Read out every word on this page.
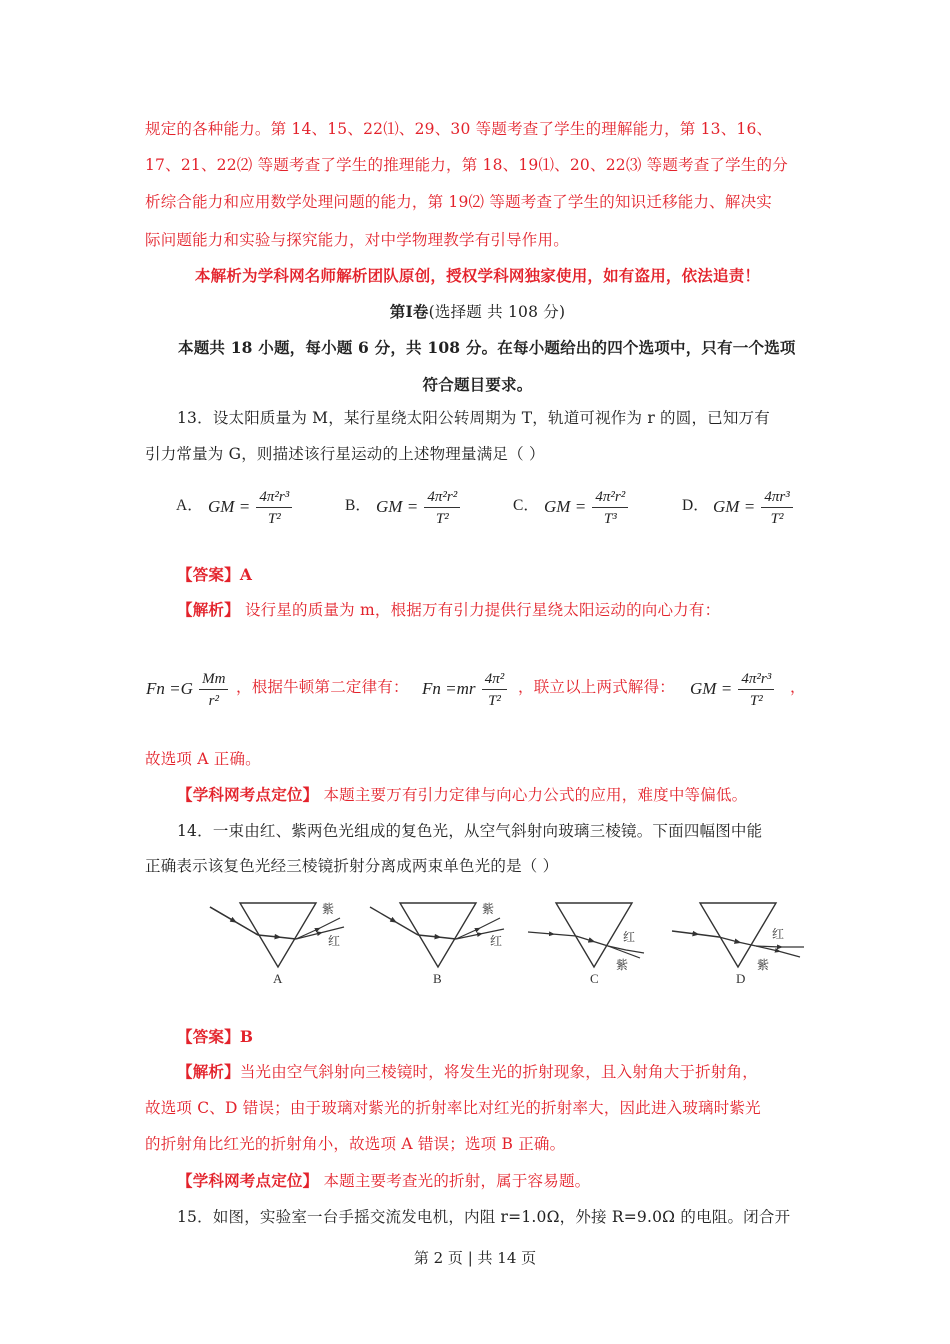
规定的各种能力。第 14、15、22⑴、29、30 等题考查了学生的理解能力，第 13、16、
17、21、22⑵ 等题考查了学生的推理能力，第 18、19⑴、20、22⑶ 等题考查了学生的分
析综合能力和应用数学处理问题的能力，第 19⑵ 等题考查了学生的知识迁移能力、解决实
际问题能力和实验与探究能力，对中学物理教学有引导作用。
本解析为学科网名师解析团队原创，授权学科网独家使用，如有盗用，依法追责！
第Ⅰ卷(选择题 共 108 分)
本题共 18 小题，每小题 6 分，共 108 分。在每小题给出的四个选项中，只有一个选项
符合题目要求。
13．设太阳质量为 M，某行星绕太阳公转周期为 T，轨道可视作为 r 的圆，已知万有
引力常量为 G，则描述该行星运动的上述物理量满足（ ）
A． GM = $\frac{\text{4π²r³}}{\text{T²}}$	B． GM = $\frac{\text{4π²r²}}{\text{T²}}$	C． GM = $\frac{\text{4π²r²}}{\text{T³}}$	D． GM = $\frac{\text{4πr³}}{\text{T²}}$
【答案】A
【解析】 设行星的质量为 m，根据万有引力提供行星绕太阳运动的向心力有：
$Fn =G \frac{Mm}{\text{r²}}$ ，根据牛顿第二定律有： $Fn =mr \frac{\text{4π²}}{\text{T²}}$ ，联立以上两式解得： GM = $\frac{\text{4π²r³}}{\text{T²}}$ ，
故选项 A 正确。
【学科网考点定位】 本题主要万有引力定律与向心力公式的应用，难度中等偏低。
14．一束由红、紫两色光组成的复色光，从空气斜射向玻璃三棱镜。下面四幅图中能
正确表示该复色光经三棱镜折射分离成两束单色光的是（ ）
紫
红
A
紫
红
B
红
紫
C
红
紫
D
【答案】B
【解析】当光由空气斜射向三棱镜时，将发生光的折射现象，且入射角大于折射角，
故选项 C、D 错误；由于玻璃对紫光的折射率比对红光的折射率大，因此进入玻璃时紫光
的折射角比红光的折射角小，故选项 A 错误；选项 B 正确。
【学科网考点定位】 本题主要考查光的折射，属于容易题。
15．如图，实验室一台手摇交流发电机，内阻 r=1.0Ω，外接 R=9.0Ω 的电阻。闭合开
第 2 页 | 共 14 页
